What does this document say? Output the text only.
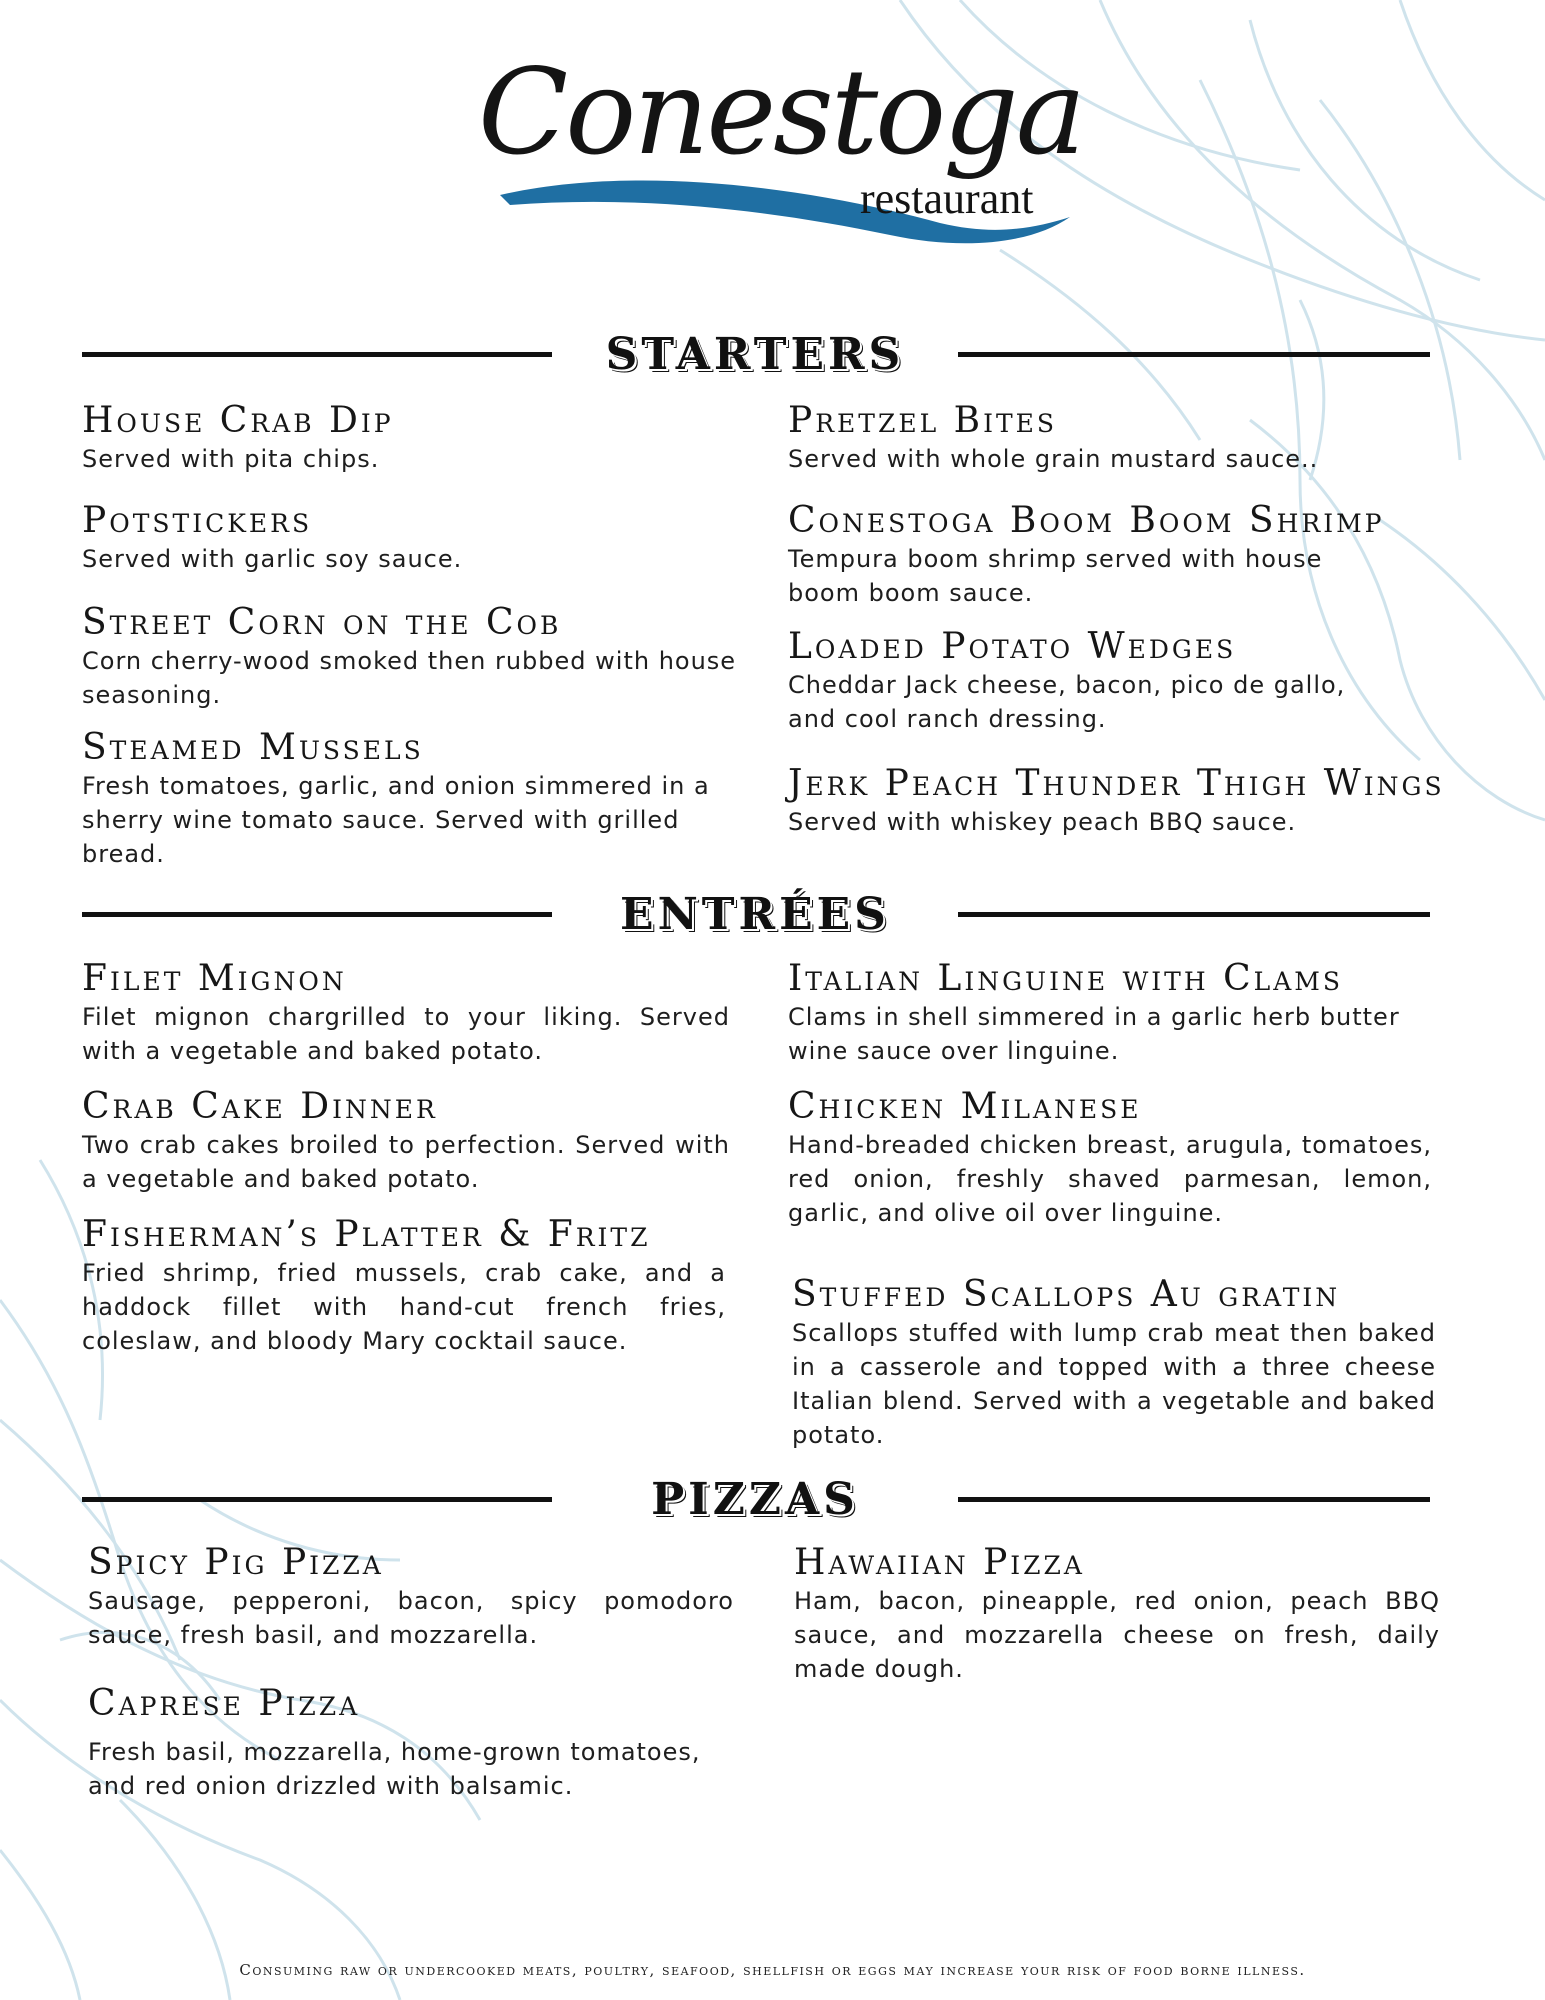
Conestoga
restaurant
STARTERS
House Crab Dip

Served with pita chips.

Pretzel Bites

Served with whole grain mustard sauce..

Potstickers

Served with garlic soy sauce.

Conestoga Boom Boom Shrimp

Tempura boom shrimp served with house boom boom sauce.

Street Corn on the Cob

Corn cherry-wood smoked then rubbed with house seasoning.

Loaded Potato Wedges

Cheddar Jack cheese, bacon, pico de gallo, and cool ranch dressing.

Steamed Mussels

Fresh tomatoes, garlic, and onion simmered in a sherry wine tomato sauce. Served with grilled bread.

Jerk Peach Thunder Thigh Wings

Served with whiskey peach BBQ sauce.

ENTRÉES
Filet Mignon

Filet mignon chargrilled to your liking. Served with a vegetable and baked potato.

Italian Linguine with Clams

Clams in shell simmered in a garlic herb butter wine sauce over linguine.

Crab Cake Dinner

Two crab cakes broiled to perfection. Served with a vegetable and baked potato.

Chicken Milanese

Hand-breaded chicken breast, arugula, tomatoes, red onion, freshly shaved parmesan, lemon, garlic, and olive oil over linguine.

Fisherman’s Platter & Fritz

Fried shrimp, fried mussels, crab cake, and a haddock fillet with hand-cut french fries, coleslaw, and bloody Mary cocktail sauce.

Stuffed Scallops Au gratin

Scallops stuffed with lump crab meat then baked in a casserole and topped with a three cheese Italian blend. Served with a vegetable and baked potato.

PIZZAS
Spicy Pig Pizza

Sausage, pepperoni, bacon, spicy pomodoro sauce, fresh basil, and mozzarella.

Hawaiian Pizza

Ham, bacon, pineapple, red onion, peach BBQ sauce, and mozzarella cheese on fresh, daily made dough.

Caprese Pizza

Fresh basil, mozzarella, home-grown tomatoes, and red onion drizzled with balsamic.

Consuming raw or undercooked meats, poultry, seafood, shellfish or eggs may increase your risk of food borne illness.
